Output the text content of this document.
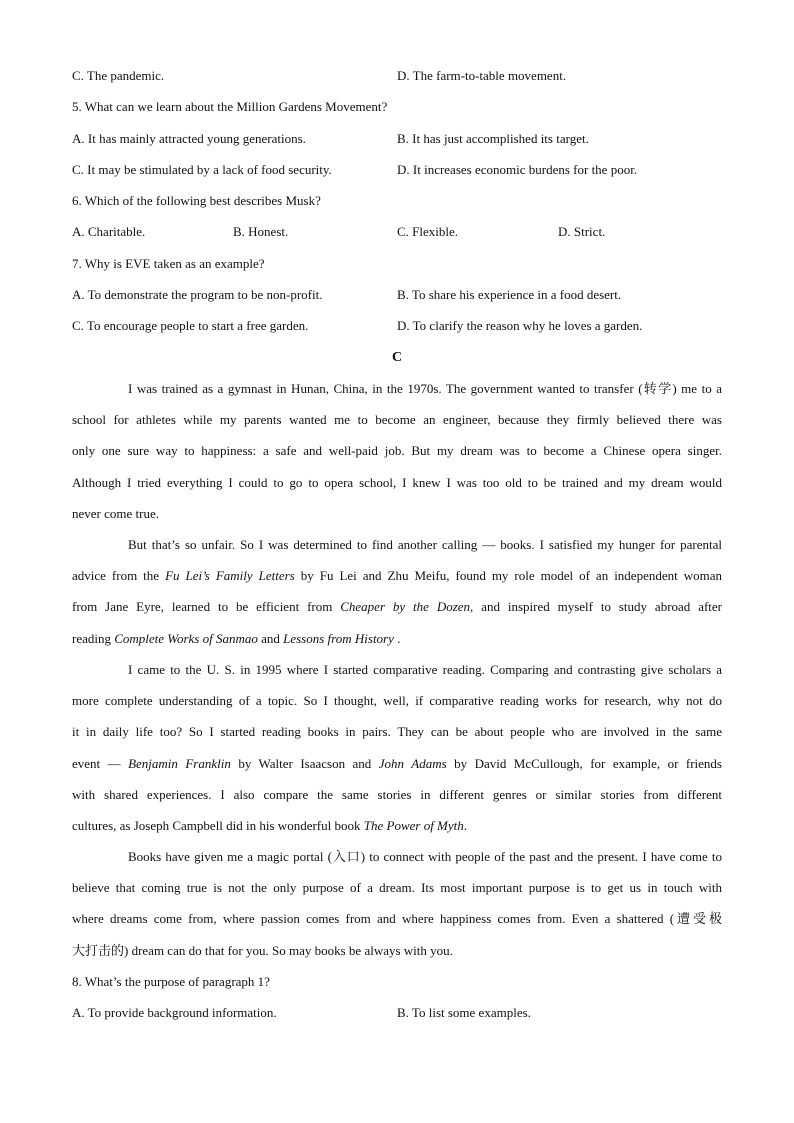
C. The pandemic.	D. The farm-to-table movement.
5. What can we learn about the Million Gardens Movement?
A. It has mainly attracted young generations.	B. It has just accomplished its target.
C. It may be stimulated by a lack of food security.	D. It increases economic burdens for the poor.
6. Which of the following best describes Musk?
A. Charitable.	B. Honest.	C. Flexible.	D. Strict.
7. Why is EVE taken as an example?
A. To demonstrate the program to be non-profit.	B. To share his experience in a food desert.
C. To encourage people to start a free garden.	D. To clarify the reason why he loves a garden.
C
I was trained as a gymnast in Hunan, China, in the 1970s. The government wanted to transfer (转学) me to a
school for athletes while my parents wanted me to become an engineer, because they firmly believed there was
only one sure way to happiness: a safe and well-paid job. But my dream was to become a Chinese opera singer.
Although I tried everything I could to go to opera school, I knew I was too old to be trained and my dream would
never come true.
But that’s so unfair. So I was determined to find another calling — books. I satisfied my hunger for parental
advice from the Fu Lei’s Family Letters by Fu Lei and Zhu Meifu, found my role model of an independent woman
from Jane Eyre, learned to be efficient from Cheaper by the Dozen, and inspired myself to study abroad after
reading Complete Works of Sanmao and Lessons from History .
I came to the U. S. in 1995 where I started comparative reading. Comparing and contrasting give scholars a
more complete understanding of a topic. So I thought, well, if comparative reading works for research, why not do
it in daily life too? So I started reading books in pairs. They can be about people who are involved in the same
event — Benjamin Franklin by Walter Isaacson and John Adams by David McCullough, for example, or friends
with shared experiences. I also compare the same stories in different genres or similar stories from different
cultures, as Joseph Campbell did in his wonderful book The Power of Myth.
Books have given me a magic portal (入口) to connect with people of the past and the present. I have come to
believe that coming true is not the only purpose of a dream. Its most important purpose is to get us in touch with
where dreams come from, where passion comes from and where happiness comes from. Even a shattered (遭受极
大打击的) dream can do that for you. So may books be always with you.
8. What’s the purpose of paragraph 1?
A. To provide background information.	B. To list some examples.
